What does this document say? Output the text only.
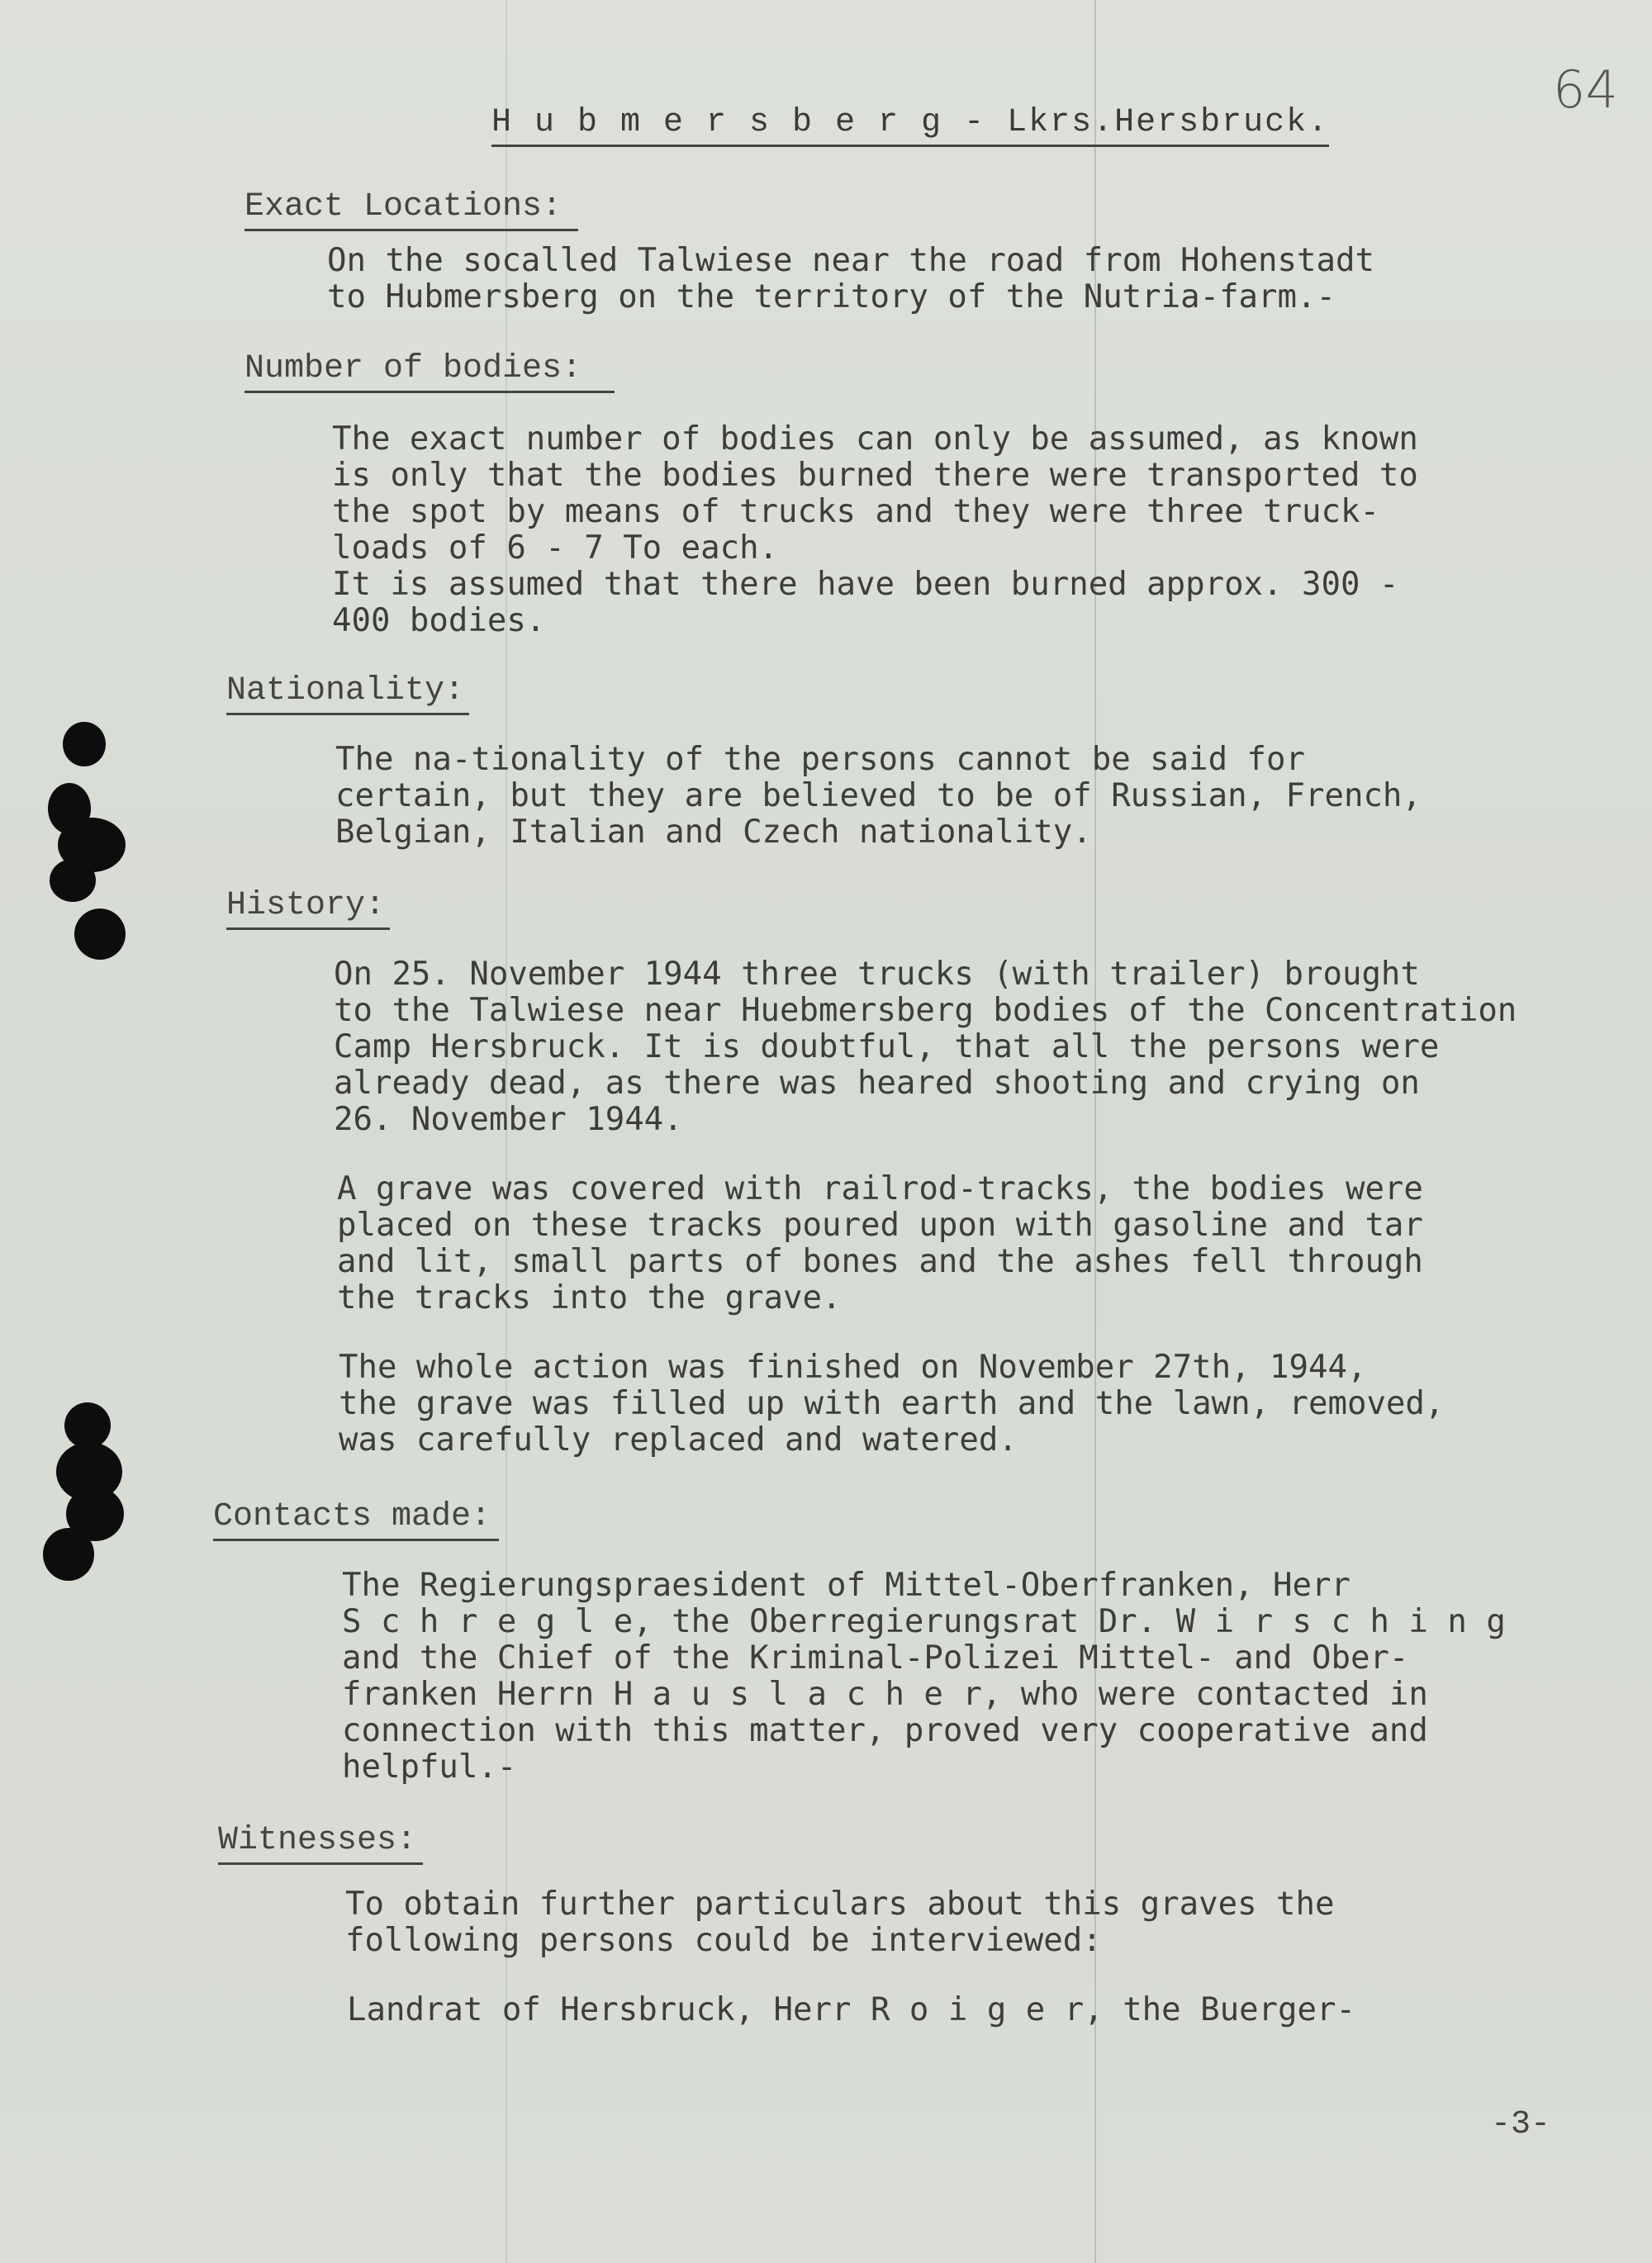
64
H u b m e r s b e r g - Lkrs.Hersbruck.
Exact Locations:
On the socalled Talwiese near the road from Hohenstadt
to Hubmersberg on the territory of the Nutria-farm.-
Number of bodies:
The exact number of bodies can only be assumed, as known
is only that the bodies burned there were transported to
the spot by means of trucks and they were three truck-
loads of 6 - 7 To each.
It is assumed that there have been burned approx. 300 -
400 bodies.
Nationality:
The na-tionality of the persons cannot be said for
certain, but they are believed to be of Russian, French,
Belgian, Italian and Czech nationality.
History:
On 25. November 1944 three trucks (with trailer) brought
to the Talwiese near Huebmersberg bodies of the Concentration
Camp Hersbruck. It is doubtful, that all the persons were
already dead, as there was heared shooting and crying on
26. November 1944.
A grave was covered with railrod-tracks, the bodies were
placed on these tracks poured upon with gasoline and tar
and lit, small parts of bones and the ashes fell through
the tracks into the grave.
The whole action was finished on November 27th, 1944,
the grave was filled up with earth and the lawn, removed,
was carefully replaced and watered.
Contacts made:
The Regierungspraesident of Mittel-Oberfranken, Herr
S c h r e g l e, the Oberregierungsrat Dr. W i r s c h i n g
and the Chief of the Kriminal-Polizei Mittel- and Ober-
franken Herrn H a u s l a c h e r, who were contacted in
connection with this matter, proved very cooperative and
helpful.-
Witnesses:
To obtain further particulars about this graves the
following persons could be interviewed:
Landrat of Hersbruck, Herr R o i g e r, the Buerger-
-3-
